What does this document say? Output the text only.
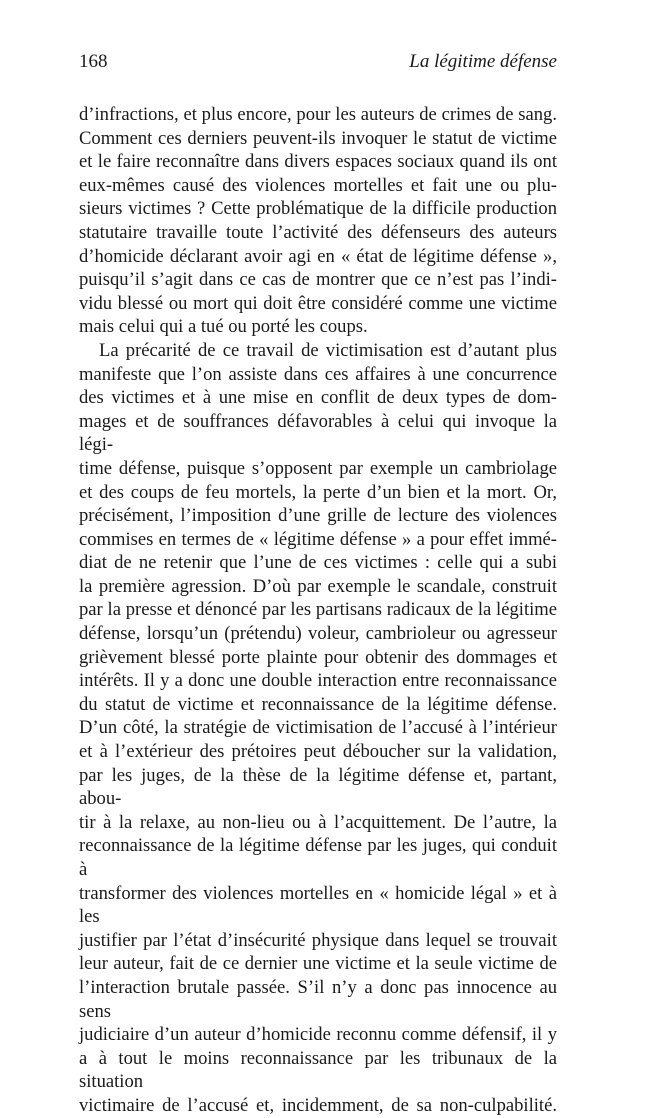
168	La légitime défense
d’infractions, et plus encore, pour les auteurs de crimes de sang.
Comment ces derniers peuvent-ils invoquer le statut de victime
et le faire reconnaître dans divers espaces sociaux quand ils ont
eux-mêmes causé des violences mortelles et fait une ou plu-
sieurs victimes ? Cette problématique de la difficile production
statutaire travaille toute l’activité des défenseurs des auteurs
d’homicide déclarant avoir agi en « état de légitime défense »,
puisqu’il s’agit dans ce cas de montrer que ce n’est pas l’indi-
vidu blessé ou mort qui doit être considéré comme une victime
mais celui qui a tué ou porté les coups.
La précarité de ce travail de victimisation est d’autant plus
manifeste que l’on assiste dans ces affaires à une concurrence
des victimes et à une mise en conflit de deux types de dom-
mages et de souffrances défavorables à celui qui invoque la légi-
time défense, puisque s’opposent par exemple un cambriolage
et des coups de feu mortels, la perte d’un bien et la mort. Or,
précisément, l’imposition d’une grille de lecture des violences
commises en termes de « légitime défense » a pour effet immé-
diat de ne retenir que l’une de ces victimes : celle qui a subi
la première agression. D’où par exemple le scandale, construit
par la presse et dénoncé par les partisans radicaux de la légitime
défense, lorsqu’un (prétendu) voleur, cambrioleur ou agresseur
grièvement blessé porte plainte pour obtenir des dommages et
intérêts. Il y a donc une double interaction entre reconnaissance
du statut de victime et reconnaissance de la légitime défense.
D’un côté, la stratégie de victimisation de l’accusé à l’intérieur
et à l’extérieur des prétoires peut déboucher sur la validation,
par les juges, de la thèse de la légitime défense et, partant, abou-
tir à la relaxe, au non-lieu ou à l’acquittement. De l’autre, la
reconnaissance de la légitime défense par les juges, qui conduit à
transformer des violences mortelles en « homicide légal » et à les
justifier par l’état d’insécurité physique dans lequel se trouvait
leur auteur, fait de ce dernier une victime et la seule victime de
l’interaction brutale passée. S’il n’y a donc pas innocence au sens
judiciaire d’un auteur d’homicide reconnu comme défensif, il y
a à tout le moins reconnaissance par les tribunaux de la situation
victimaire de l’accusé et, incidemment, de sa non-culpabilité.
